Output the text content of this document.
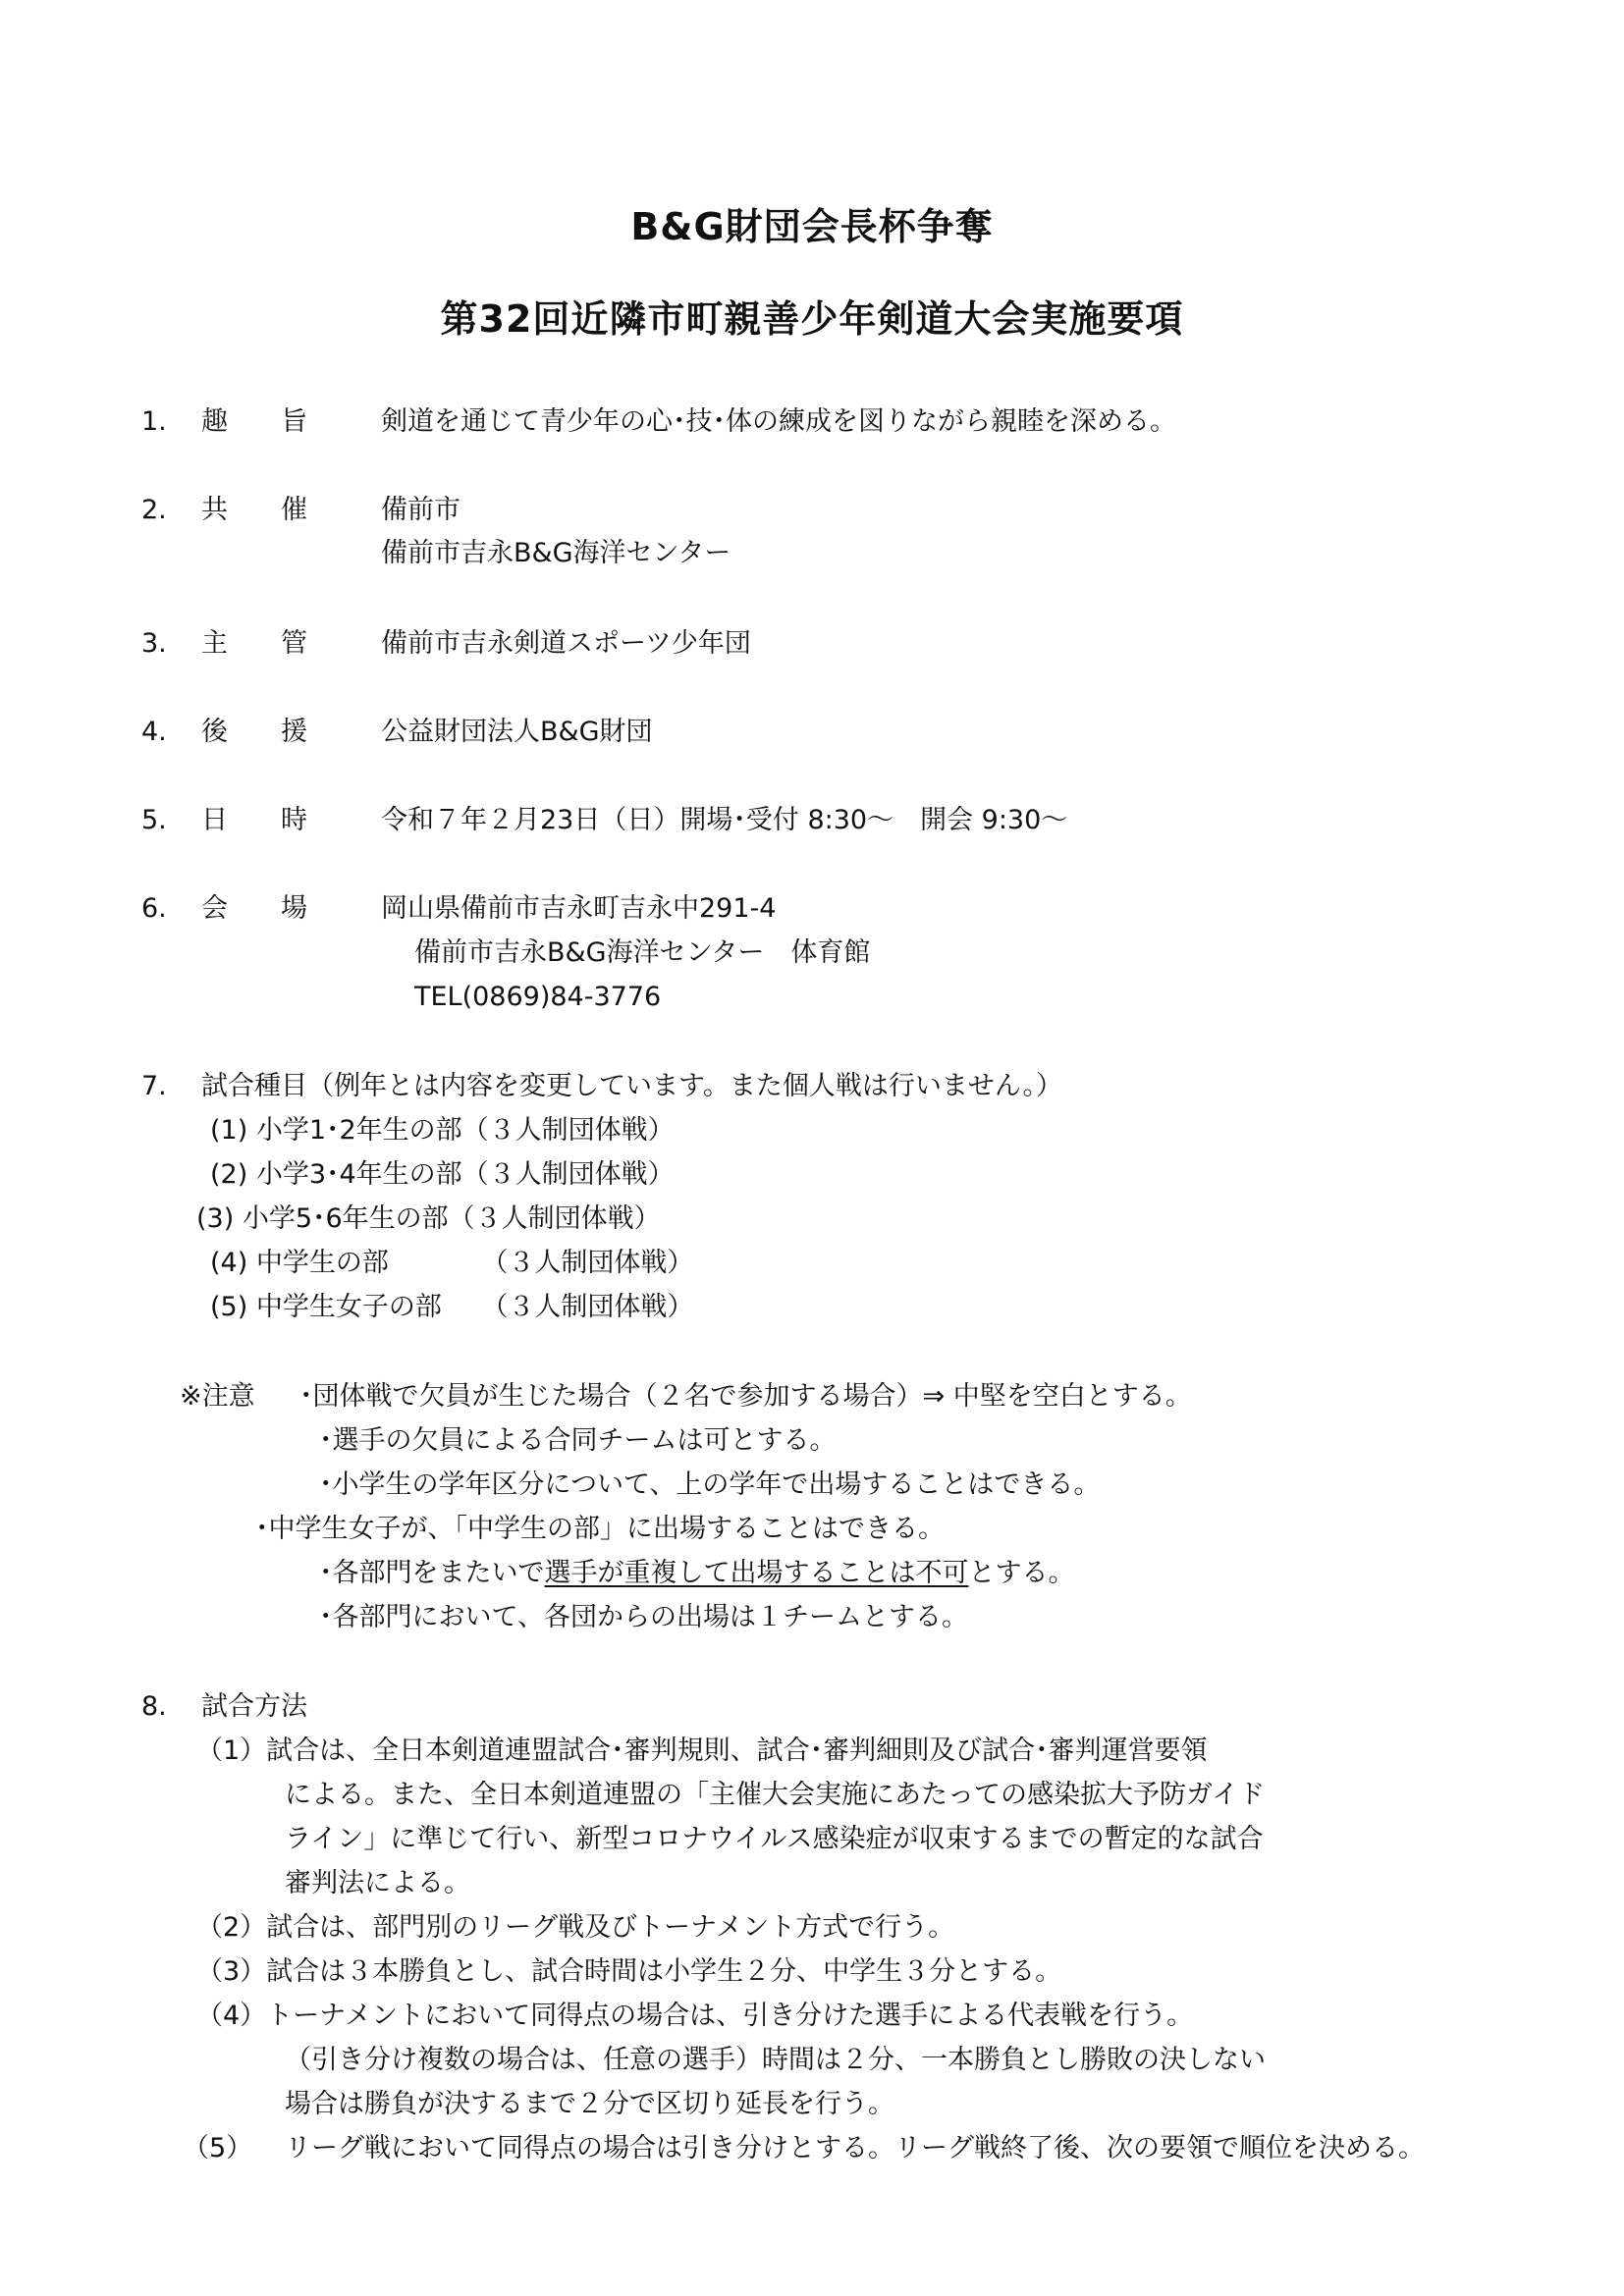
B&G財団会長杯争奪
第32回近隣市町親善少年剣道大会実施要項
1. 趣　　旨	剣道を通じて青少年の心･技･体の練成を図りながら親睦を深める。
2. 共　　催	備前市
備前市吉永B&G海洋センター
3. 主　　管	備前市吉永剣道スポーツ少年団
4. 後　　援	公益財団法人B&G財団
5. 日　　時	令和７年２月23日（日）開場･受付 8:30～　開会 9:30～
6. 会　　場	岡山県備前市吉永町吉永中291-4
備前市吉永B&G海洋センター　体育館
TEL(0869)84-3776
7. 試合種目（例年とは内容を変更しています。また個人戦は行いません。）
(1) 小学1･2年生の部（３人制団体戦）
(2) 小学3･4年生の部（３人制団体戦）
(3) 小学5･6年生の部（３人制団体戦）
(4) 中学生の部　　　　（３人制団体戦）
(5) 中学生女子の部　　（３人制団体戦）
※注意 ･団体戦で欠員が生じた場合（２名で参加する場合）⇒ 中堅を空白とする。
･選手の欠員による合同チームは可とする。
･小学生の学年区分について、上の学年で出場することはできる。
･中学生女子が、「中学生の部」に出場することはできる。
･各部門をまたいで選手が重複して出場することは不可とする。
･各部門において、各団からの出場は１チームとする。
8. 試合方法
（1）試合は、全日本剣道連盟試合･審判規則、試合･審判細則及び試合･審判運営要領
による。また、全日本剣道連盟の「主催大会実施にあたっての感染拡大予防ガイド
ライン」に準じて行い、新型コロナウイルス感染症が収束するまでの暫定的な試合
審判法による。
（2）試合は、部門別のリーグ戦及びトーナメント方式で行う。
（3）試合は３本勝負とし、試合時間は小学生２分、中学生３分とする。
（4）トーナメントにおいて同得点の場合は、引き分けた選手による代表戦を行う。
（引き分け複数の場合は、任意の選手）時間は２分、一本勝負とし勝敗の決しない
場合は勝負が決するまで２分で区切り延長を行う。
（5） リーグ戦において同得点の場合は引き分けとする。リーグ戦終了後、次の要領で順位を決める。
